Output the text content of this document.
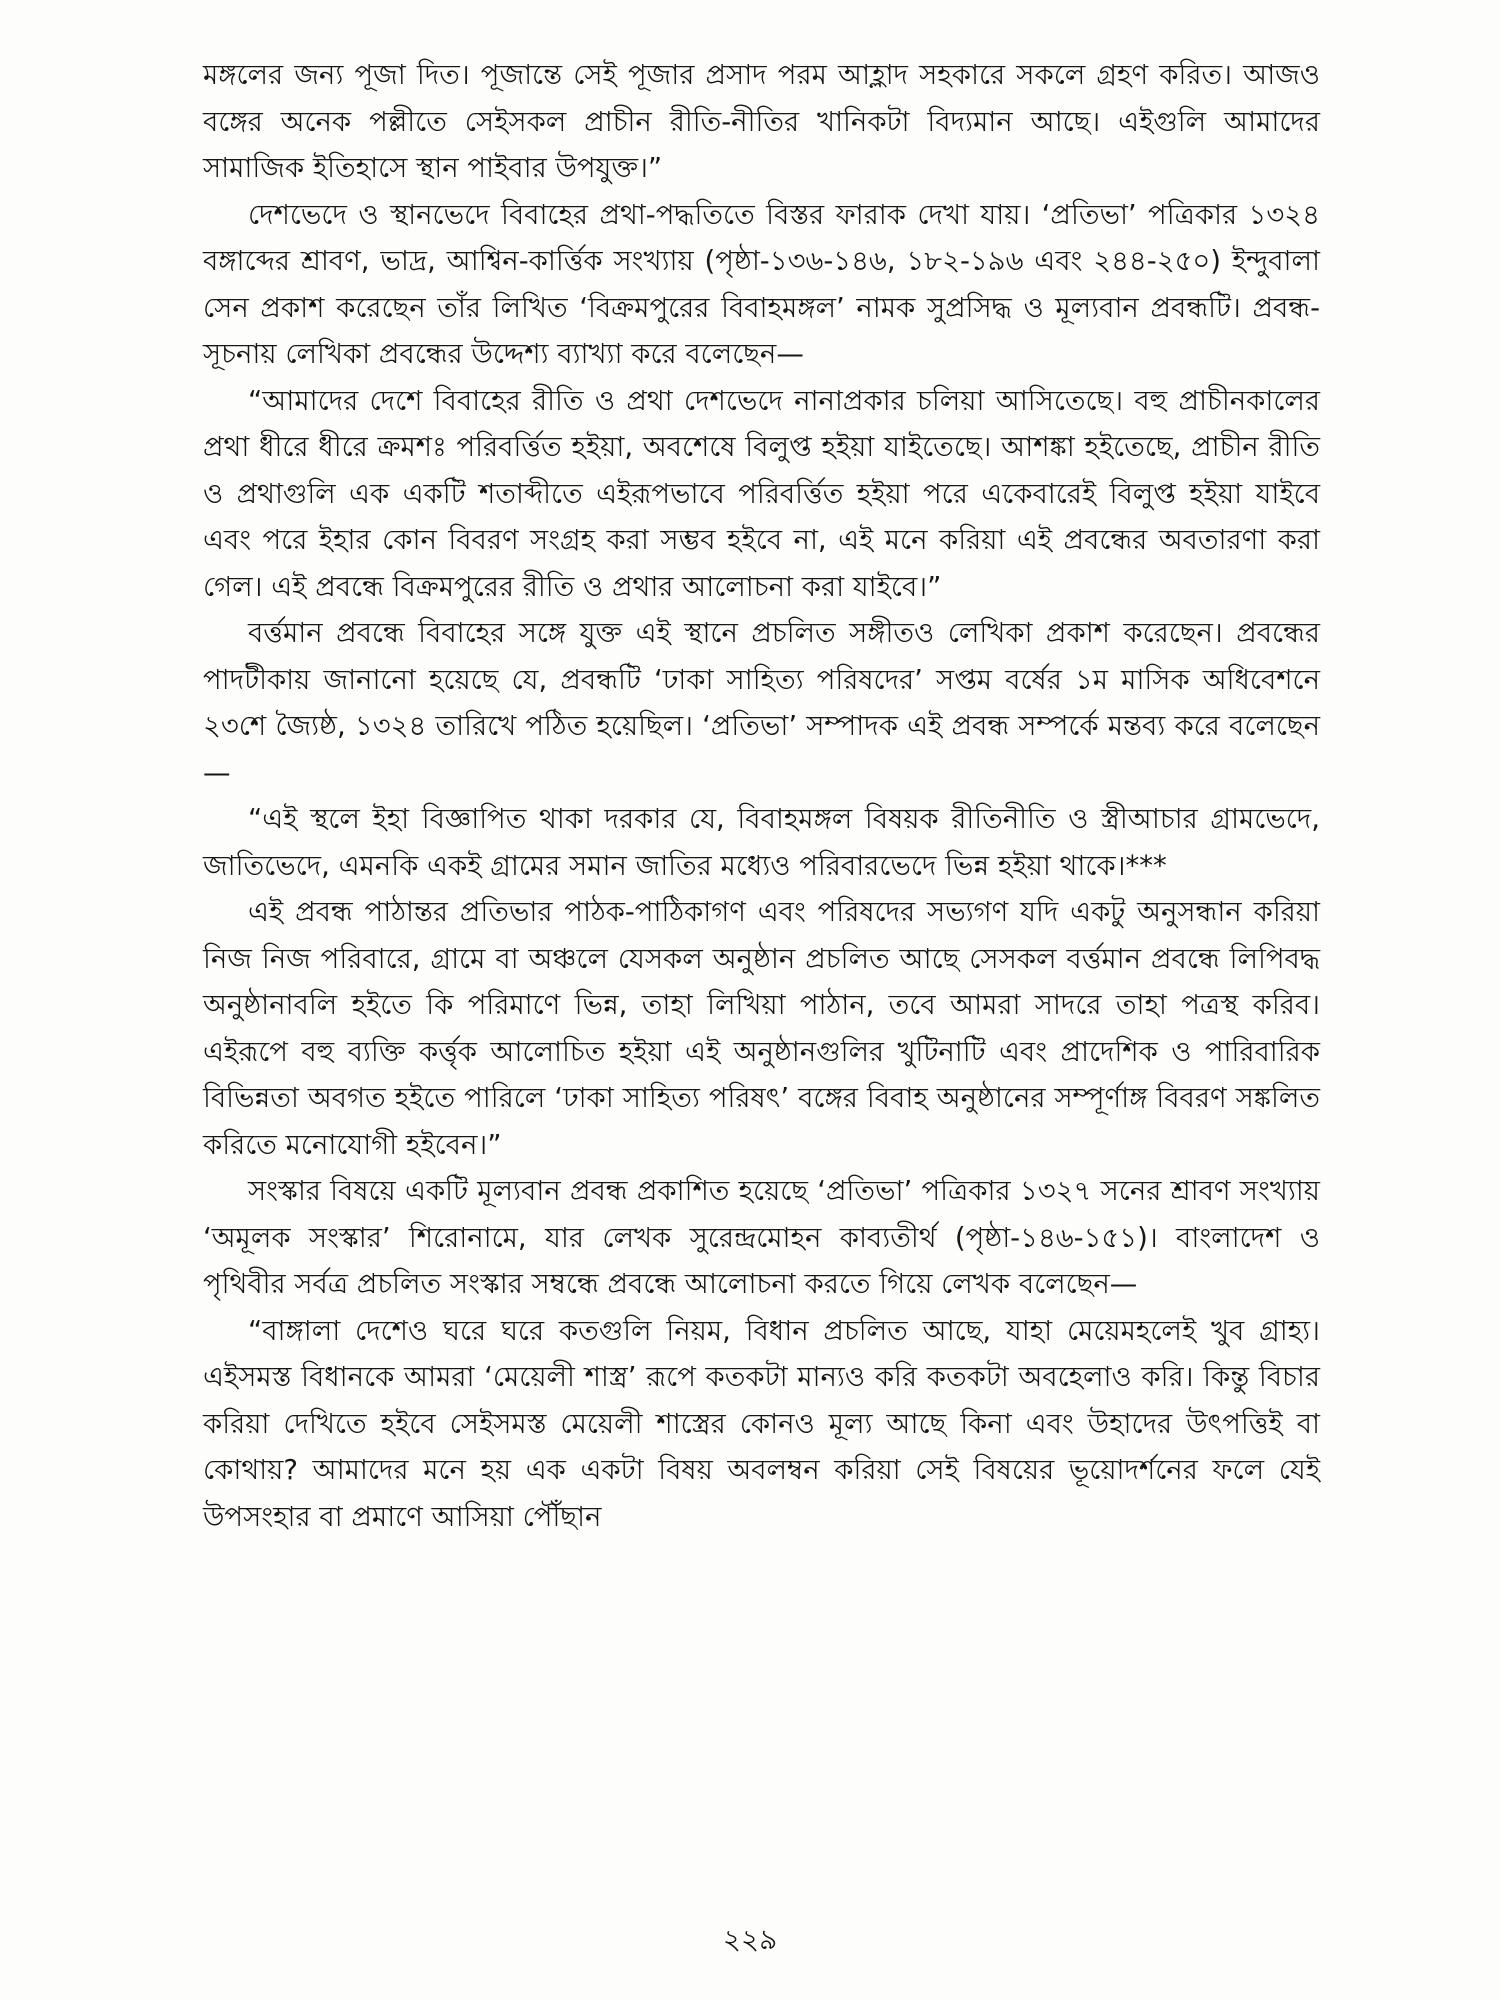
মঙ্গলের জন্য পূজা দিত। পূজান্তে সেই পূজার প্রসাদ পরম আহ্লাদ সহকারে সকলে গ্রহণ করিত। আজও বঙ্গের অনেক পল্লীতে সেইসকল প্রাচীন রীতি-নীতির খানিকটা বিদ্যমান আছে। এইগুলি আমাদের সামাজিক ইতিহাসে স্থান পাইবার উপযুক্ত।”

দেশভেদে ও স্থানভেদে বিবাহের প্রথা-পদ্ধতিতে বিস্তর ফারাক দেখা যায়। ‘প্রতিভা’ পত্রিকার ১৩২৪ বঙ্গাব্দের শ্রাবণ, ভাদ্র, আশ্বিন-কার্ত্তিক সংখ্যায় (পৃষ্ঠা-১৩৬-১৪৬, ১৮২-১৯৬ এবং ২৪৪-২৫০) ইন্দুবালা সেন প্রকাশ করেছেন তাঁর লিখিত ‘বিক্রমপুরের বিবাহমঙ্গল’ নামক সুপ্রসিদ্ধ ও মূল্যবান প্রবন্ধটি। প্রবন্ধ-সূচনায় লেখিকা প্রবন্ধের উদ্দেশ্য ব্যাখ্যা করে বলেছেন—

“আমাদের দেশে বিবাহের রীতি ও প্রথা দেশভেদে নানাপ্রকার চলিয়া আসিতেছে। বহু প্রাচীনকালের প্রথা ধীরে ধীরে ক্রমশঃ পরিবর্ত্তিত হইয়া, অবশেষে বিলুপ্ত হইয়া যাইতেছে। আশঙ্কা হইতেছে, প্রাচীন রীতি ও প্রথাগুলি এক একটি শতাব্দীতে এইরূপভাবে পরিবর্ত্তিত হইয়া পরে একেবারেই বিলুপ্ত হইয়া যাইবে এবং পরে ইহার কোন বিবরণ সংগ্রহ করা সম্ভব হইবে না, এই মনে করিয়া এই প্রবন্ধের অবতারণা করা গেল। এই প্রবন্ধে বিক্রমপুরের রীতি ও প্রথার আলোচনা করা যাইবে।”

বর্ত্তমান প্রবন্ধে বিবাহের সঙ্গে যুক্ত এই স্থানে প্রচলিত সঙ্গীতও লেখিকা প্রকাশ করেছেন। প্রবন্ধের পাদটীকায় জানানো হয়েছে যে, প্রবন্ধটি ‘ঢাকা সাহিত্য পরিষদের’ সপ্তম বর্ষের ১ম মাসিক অধিবেশনে ২৩শে জ্যৈষ্ঠ, ১৩২৪ তারিখে পঠিত হয়েছিল। ‘প্রতিভা’ সম্পাদক এই প্রবন্ধ সম্পর্কে মন্তব্য করে বলেছেন—

“এই স্থলে ইহা বিজ্ঞাপিত থাকা দরকার যে, বিবাহমঙ্গল বিষয়ক রীতিনীতি ও স্ত্রীআচার গ্রামভেদে, জাতিভেদে, এমনকি একই গ্রামের সমান জাতির মধ্যেও পরিবারভেদে ভিন্ন হইয়া থাকে।***

এই প্রবন্ধ পাঠান্তর প্রতিভার পাঠক-পাঠিকাগণ এবং পরিষদের সভ্যগণ যদি একটু অনুসন্ধান করিয়া নিজ নিজ পরিবারে, গ্রামে বা অঞ্চলে যেসকল অনুষ্ঠান প্রচলিত আছে সেসকল বর্ত্তমান প্রবন্ধে লিপিবদ্ধ অনুষ্ঠানাবলি হইতে কি পরিমাণে ভিন্ন, তাহা লিখিয়া পাঠান, তবে আমরা সাদরে তাহা পত্রস্থ করিব। এইরূপে বহু ব্যক্তি কর্ত্তৃক আলোচিত হইয়া এই অনুষ্ঠানগুলির খুটিনাটি এবং প্রাদেশিক ও পারিবারিক বিভিন্নতা অবগত হইতে পারিলে ‘ঢাকা সাহিত্য পরিষৎ’ বঙ্গের বিবাহ অনুষ্ঠানের সম্পূর্ণাঙ্গ বিবরণ সঙ্কলিত করিতে মনোযোগী হইবেন।”

সংস্কার বিষয়ে একটি মূল্যবান প্রবন্ধ প্রকাশিত হয়েছে ‘প্রতিভা’ পত্রিকার ১৩২৭ সনের শ্রাবণ সংখ্যায় ‘অমূলক সংস্কার’ শিরোনামে, যার লেখক সুরেন্দ্রমোহন কাব্যতীর্থ (পৃষ্ঠা-১৪৬-১৫১)। বাংলাদেশ ও পৃথিবীর সর্বত্র প্রচলিত সংস্কার সম্বন্ধে প্রবন্ধে আলোচনা করতে গিয়ে লেখক বলেছেন—

“বাঙ্গালা দেশেও ঘরে ঘরে কতগুলি নিয়ম, বিধান প্রচলিত আছে, যাহা মেয়েমহলেই খুব গ্রাহ্য। এইসমস্ত বিধানকে আমরা ‘মেয়েলী শাস্ত্র’ রূপে কতকটা মান্যও করি কতকটা অবহেলাও করি। কিন্তু বিচার করিয়া দেখিতে হইবে সেইসমস্ত মেয়েলী শাস্ত্রের কোনও মূল্য আছে কিনা এবং উহাদের উৎপত্তিই বা কোথায়? আমাদের মনে হয় এক একটা বিষয় অবলম্বন করিয়া সেই বিষয়ের ভূয়োদর্শনের ফলে যেই উপসংহার বা প্রমাণে আসিয়া পৌঁছান

২২৯
